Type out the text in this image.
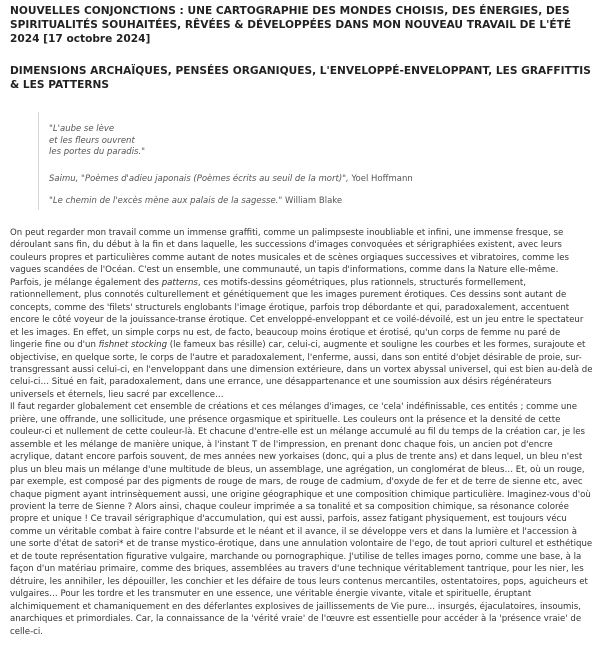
NOUVELLES CONJONCTIONS : UNE CARTOGRAPHIE DES MONDES CHOISIS, DES ÉNERGIES, DES SPIRITUALITÉS SOUHAITÉES, RÊVÉES & DÉVELOPPÉES DANS MON NOUVEAU TRAVAIL DE L'ÉTÉ 2024 [17 octobre 2024]
DIMENSIONS ARCHAÏQUES, PENSÉES ORGANIQUES, L'ENVELOPPÉ-ENVELOPPANT, LES GRAFFITTIS & LES PATTERNS
"L'aube se lève
et les fleurs ouvrent
les portes du paradis."
Saimu, "Poèmes d'adieu japonais (Poèmes écrits au seuil de la mort)", Yoel Hoffmann
"Le chemin de l'excès mène aux palais de la sagesse." William Blake

On peut regarder mon travail comme un immense graffiti, comme un palimpseste inoubliable et infini, une immense fresque, se déroulant sans fin, du début à la fin et dans laquelle, les successions d'images convoquées et sérigraphiées existent, avec leurs couleurs propres et particulières comme autant de notes musicales et de scènes orgiaques successives et vibratoires, comme les vagues scandées de l'Océan. C'est un ensemble, une communauté, un tapis d'informations, comme dans la Nature elle-même.

Parfois, je mélange également des patterns, ces motifs-dessins géométriques, plus rationnels, structurés formellement, rationnellement, plus connotés culturellement et génétiquement que les images purement érotiques. Ces dessins sont autant de concepts, comme des 'filets' structurels englobants l'image érotique, parfois trop débordante et qui, paradoxalement, accentuent encore le côté voyeur de la jouissance-transe érotique. Cet enveloppé-enveloppant et ce voilé-dévoilé, est un jeu entre le spectateur et les images. En effet, un simple corps nu est, de facto, beaucoup moins érotique et érotisé, qu'un corps de femme nu paré de lingerie fine ou d'un fishnet stocking (le fameux bas résille) car, celui-ci, augmente et souligne les courbes et les formes, surajoute et objectivise, en quelque sorte, le corps de l'autre et paradoxalement, l'enferme, aussi, dans son entité d'objet désirable de proie, sur-transgressant aussi celui-ci, en l'enveloppant dans une dimension extérieure, dans un vortex abyssal universel, qui est bien au-delà de celui-ci… Situé en fait, paradoxalement, dans une errance, une désappartenance et une soumission aux désirs régénérateurs universels et éternels, lieu sacré par excellence…

Il faut regarder globalement cet ensemble de créations et ces mélanges d'images, ce 'cela' indéfinissable, ces entités ; comme une prière, une offrande, une sollicitude, une présence orgasmique et spirituelle. Les couleurs ont la présence et la densité de cette couleur-ci et nullement de cette couleur-là. Et chacune d'entre-elle est un mélange accumulé au fil du temps de la création car, je les assemble et les mélange de manière unique, à l'instant T de l'impression, en prenant donc chaque fois, un ancien pot d'encre acrylique, datant encore parfois souvent, de mes années new yorkaises (donc, qui a plus de trente ans) et dans lequel, un bleu n'est plus un bleu mais un mélange d'une multitude de bleus, un assemblage, une agrégation, un conglomérat de bleus… Et, où un rouge, par exemple, est composé par des pigments de rouge de mars, de rouge de cadmium, d'oxyde de fer et de terre de sienne etc, avec chaque pigment ayant intrinsèquement aussi, une origine géographique et une composition chimique particulière. Imaginez-vous d'où provient la terre de Sienne ? Alors ainsi, chaque couleur imprimée a sa tonalité et sa composition chimique, sa résonance colorée propre et unique ! Ce travail sérigraphique d'accumulation, qui est aussi, parfois, assez fatigant physiquement, est toujours vécu comme un véritable combat à faire contre l'absurde et le néant et il avance, il se développe vers et dans la lumière et l'accession à une sorte d'état de satori* et de transe mystico-érotique, dans une annulation volontaire de l'ego, de tout apriori culturel et esthétique et de toute représentation figurative vulgaire, marchande ou pornographique. J'utilise de telles images porno, comme une base, à la façon d'un matériau primaire, comme des briques, assemblées au travers d'une technique véritablement tantrique, pour les nier, les détruire, les annihiler, les dépouiller, les conchier et les défaire de tous leurs contenus mercantiles, ostentatoires, pops, aguicheurs et vulgaires… Pour les tordre et les transmuter en une essence, une véritable énergie vivante, vitale et spirituelle, éruptant alchimiquement et chamaniquement en des déferlantes explosives de jaillissements de Vie pure… insurgés, éjaculatoires, insoumis, anarchiques et primordiales. Car, la connaissance de la 'vérité vraie' de l'œuvre est essentielle pour accéder à la 'présence vraie' de celle-ci.
